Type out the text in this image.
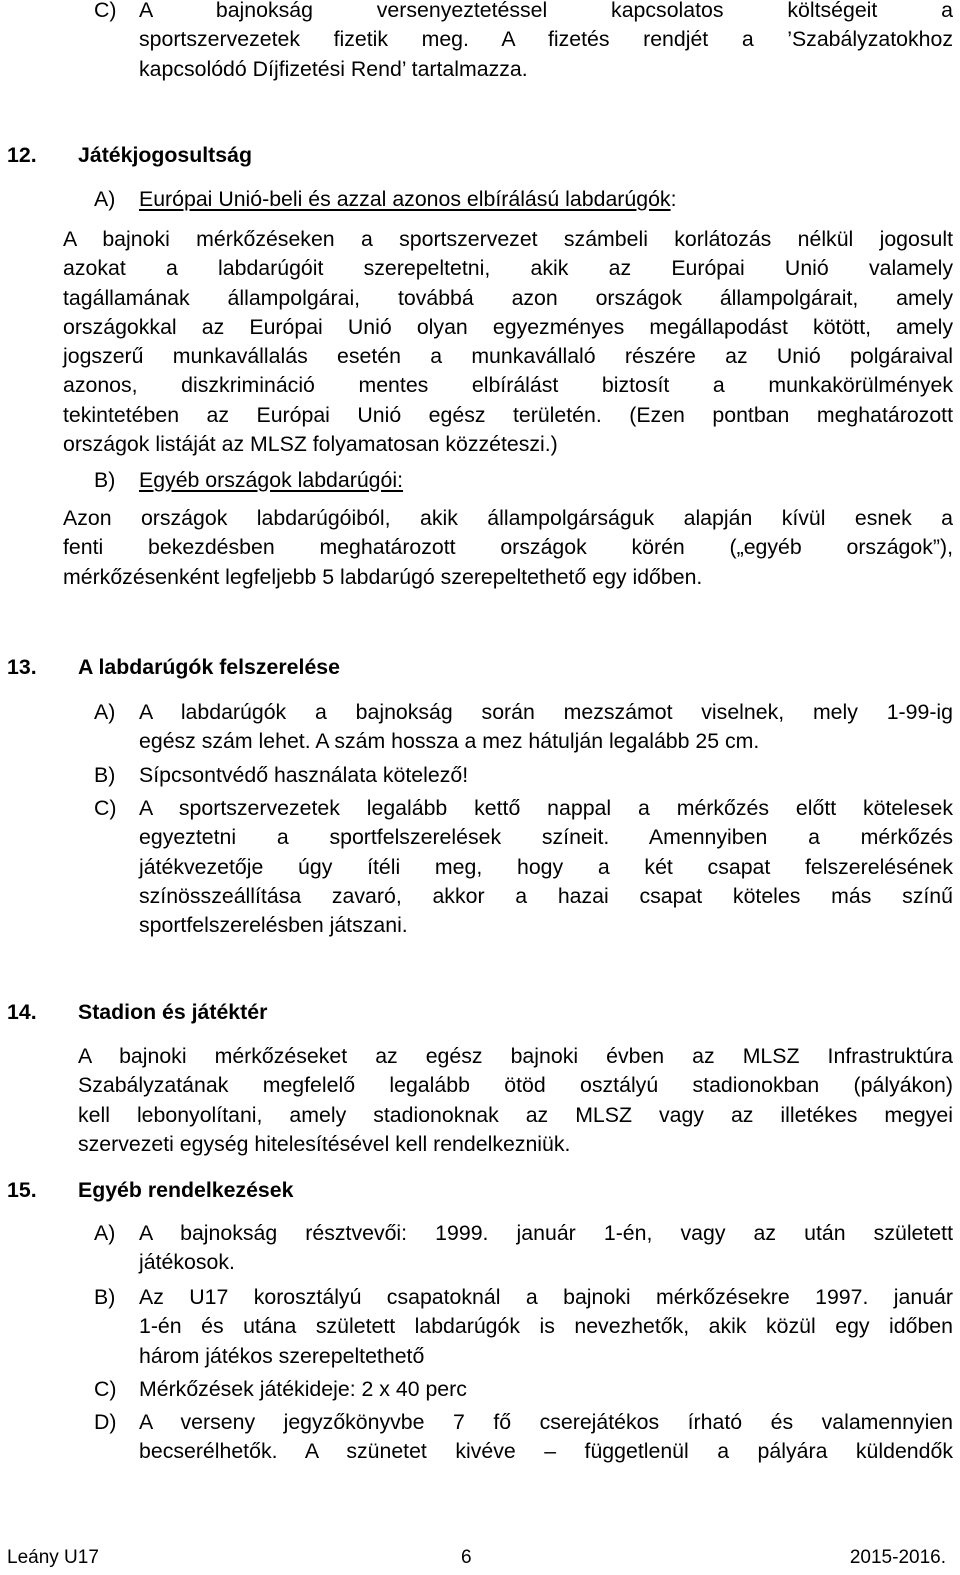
C) A bajnokság versenyeztetéssel kapcsolatos költségeit a
sportszervezetek fizetik meg. A fizetés rendjét a ’Szabályzatokhoz
kapcsolódó Díjfizetési Rend’ tartalmazza.
12. Játékjogosultság
A) Európai Unió-beli és azzal azonos elbírálású labdarúgók:
A bajnoki mérkőzéseken a sportszervezet számbeli korlátozás nélkül jogosult
azokat a labdarúgóit szerepeltetni, akik az Európai Unió valamely
tagállamának állampolgárai, továbbá azon országok állampolgárait, amely
országokkal az Európai Unió olyan egyezményes megállapodást kötött, amely
jogszerű munkavállalás esetén a munkavállaló részére az Unió polgáraival
azonos, diszkrimináció mentes elbírálást biztosít a munkakörülmények
tekintetében az Európai Unió egész területén. (Ezen pontban meghatározott
országok listáját az MLSZ folyamatosan közzéteszi.)
B) Egyéb országok labdarúgói:
Azon országok labdarúgóiból, akik állampolgárságuk alapján kívül esnek a
fenti bekezdésben meghatározott országok körén („egyéb országok”),
mérkőzésenként legfeljebb 5 labdarúgó szerepeltethető egy időben.
13. A labdarúgók felszerelése
A) A labdarúgók a bajnokság során mezszámot viselnek, mely 1-99-ig
egész szám lehet. A szám hossza a mez hátulján legalább 25 cm.
B) Sípcsontvédő használata kötelező!
C) A sportszervezetek legalább kettő nappal a mérkőzés előtt kötelesek
egyeztetni a sportfelszerelések színeit. Amennyiben a mérkőzés
játékvezetője úgy ítéli meg, hogy a két csapat felszerelésének
színösszeállítása zavaró, akkor a hazai csapat köteles más színű
sportfelszerelésben játszani.
14. Stadion és játéktér
A bajnoki mérkőzéseket az egész bajnoki évben az MLSZ Infrastruktúra
Szabályzatának megfelelő legalább ötöd osztályú stadionokban (pályákon)
kell lebonyolítani, amely stadionoknak az MLSZ vagy az illetékes megyei
szervezeti egység hitelesítésével kell rendelkezniük.
15. Egyéb rendelkezések
A) A bajnokság résztvevői: 1999. január 1-én, vagy az után született
játékosok.
B) Az U17 korosztályú csapatoknál a bajnoki mérkőzésekre 1997. január
1-én és utána született labdarúgók is nevezhetők, akik közül egy időben
három játékos szerepeltethető
C) Mérkőzések játékideje: 2 x 40 perc
D) A verseny jegyzőkönyvbe 7 fő cserejátékos írható és valamennyien
becserélhetők. A szünetet kivéve – függetlenül a pályára küldendők
Leány U17	6	2015-2016.
